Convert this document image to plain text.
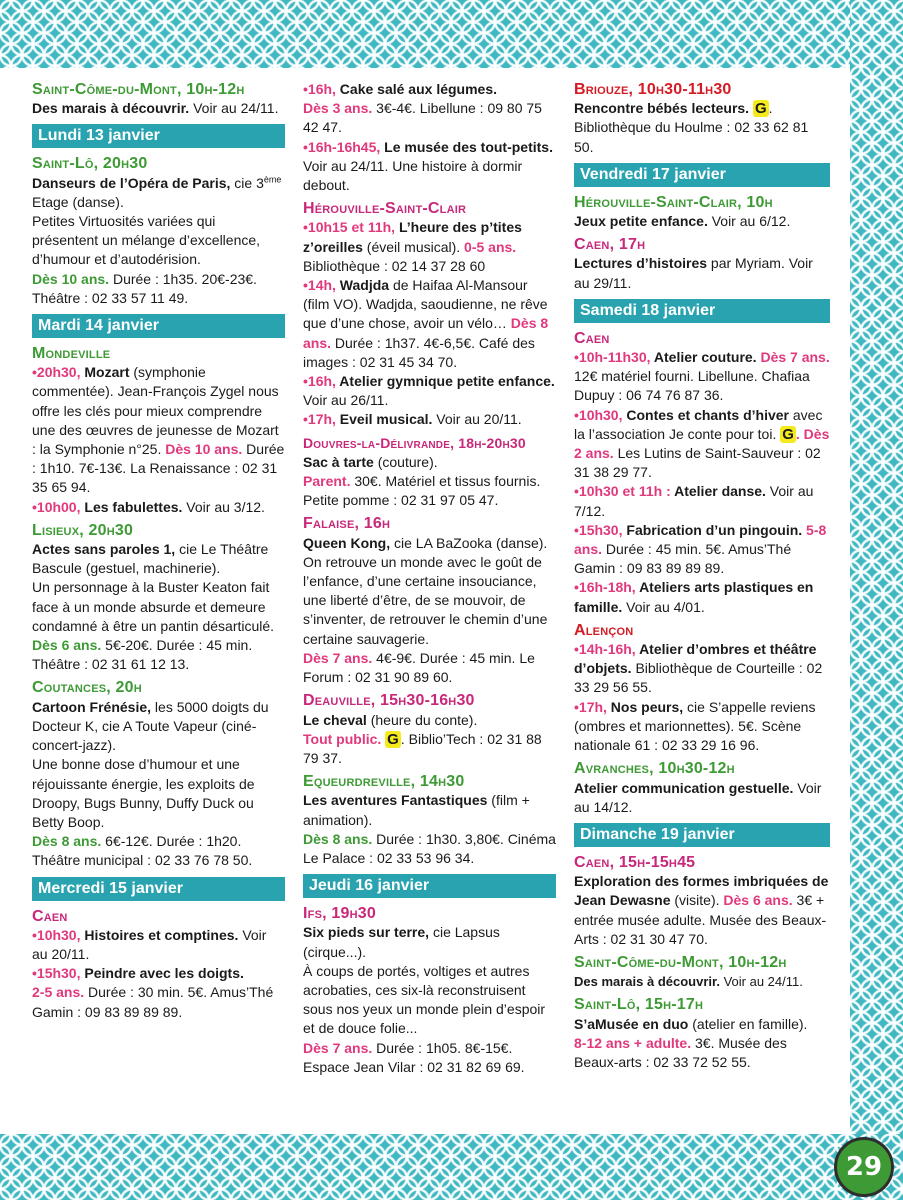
Saint-Côme-du-Mont, 10h-12h

Des marais à découvrir. Voir au 24/11.

Lundi 13 janvier

Saint-Lô, 20h30

Danseurs de l’Opéra de Paris, cie 3ème Etage (danse).

Petites Virtuosités variées qui présentent un mélange d’excellence, d’humour et d’autodérision.

Dès 10 ans. Durée : 1h35. 20€-23€. Théâtre : 02 33 57 11 49.

Mardi 14 janvier

Mondeville

•20h30, Mozart (symphonie commentée). Jean-François Zygel nous offre les clés pour mieux comprendre une des œuvres de jeunesse de Mozart : la Symphonie n°25. Dès 10 ans. Durée : 1h10. 7€-13€. La Renaissance : 02 31 35 65 94.

•10h00, Les fabulettes. Voir au 3/12.

Lisieux, 20h30

Actes sans paroles 1, cie Le Théâtre Bascule (gestuel, machinerie).

Un personnage à la Buster Keaton fait face à un monde absurde et demeure condamné à être un pantin désarticulé.

Dès 6 ans. 5€-20€. Durée : 45 min. Théâtre : 02 31 61 12 13.

Coutances, 20h

Cartoon Frénésie, les 5000 doigts du Docteur K, cie A Toute Vapeur (ciné-concert-jazz).

Une bonne dose d’humour et une réjouissante énergie, les exploits de Droopy, Bugs Bunny, Duffy Duck ou Betty Boop.

Dès 8 ans. 6€-12€. Durée : 1h20. Théâtre municipal : 02 33 76 78 50.

Mercredi 15 janvier

Caen

•10h30, Histoires et comptines. Voir au 20/11.

•15h30, Peindre avec les doigts.

2-5 ans. Durée : 30 min. 5€. Amus’Thé Gamin : 09 83 89 89 89.

•16h, Cake salé aux légumes.

Dès 3 ans. 3€-4€. Libellune : 09 80 75 42 47.

•16h-16h45, Le musée des tout-petits. Voir au 24/11. Une histoire à dormir debout.

Hérouville-Saint-Clair

•10h15 et 11h, L’heure des p’tites z’oreilles (éveil musical). 0-5 ans. Bibliothèque : 02 14 37 28 60

•14h, Wadjda de Haifaa Al-Mansour (film VO). Wadjda, saoudienne, ne rêve que d’une chose, avoir un vélo… Dès 8 ans. Durée : 1h37. 4€-6,5€. Café des images : 02 31 45 34 70.

•16h, Atelier gymnique petite enfance. Voir au 26/11.

•17h, Eveil musical. Voir au 20/11.

Douvres-la-Délivrande, 18h-20h30

Sac à tarte (couture).

Parent. 30€. Matériel et tissus fournis. Petite pomme : 02 31 97 05 47.

Falaise, 16h

Queen Kong, cie LA BaZooka (danse). On retrouve un monde avec le goût de l’enfance, d’une certaine insouciance, une liberté d’être, de se mouvoir, de s’inventer, de retrouver le chemin d’une certaine sauvagerie.

Dès 7 ans. 4€-9€. Durée : 45 min. Le Forum : 02 31 90 89 60.

Deauville, 15h30-16h30

Le cheval (heure du conte).

Tout public. G . Biblio’Tech : 02 31 88 79 37.

Equeurdreville, 14h30

Les aventures Fantastiques (film + animation).

Dès 8 ans. Durée : 1h30. 3,80€. Cinéma Le Palace : 02 33 53 96 34.

Jeudi 16 janvier

Ifs, 19h30

Six pieds sur terre, cie Lapsus (cirque...).

À coups de portés, voltiges et autres acrobaties, ces six-là reconstruisent sous nos yeux un monde plein d’espoir et de douce folie...

Dès 7 ans. Durée : 1h05. 8€-15€. Espace Jean Vilar : 02 31 82 69 69.

Briouze, 10h30-11h30

Rencontre bébés lecteurs. G . Bibliothèque du Houlme : 02 33 62 81 50.

Vendredi 17 janvier

Hérouville-Saint-Clair, 10h

Jeux petite enfance. Voir au 6/12.

Caen, 17h

Lectures d’histoires par Myriam. Voir au 29/11.

Samedi 18 janvier

Caen

•10h-11h30, Atelier couture. Dès 7 ans. 12€ matériel fourni. Libellune. Chafiaa Dupuy : 06 74 76 87 36.

•10h30, Contes et chants d’hiver avec la l’association Je conte pour toi. G . Dès 2 ans. Les Lutins de Saint-Sauveur : 02 31 38 29 77.

•10h30 et 11h : Atelier danse. Voir au 7/12.

•15h30, Fabrication d’un pingouin. 5-8 ans. Durée : 45 min. 5€. Amus’Thé Gamin : 09 83 89 89 89.

•16h-18h, Ateliers arts plastiques en famille. Voir au 4/01.

Alençon

•14h-16h, Atelier d’ombres et théâtre d’objets. Bibliothèque de Courteille : 02 33 29 56 55.

•17h, Nos peurs, cie S’appelle reviens (ombres et marionnettes). 5€. Scène nationale 61 : 02 33 29 16 96.

Avranches, 10h30-12h

Atelier communication gestuelle. Voir au 14/12.

Dimanche 19 janvier

Caen, 15h-15h45

Exploration des formes imbriquées de Jean Dewasne (visite). Dès 6 ans. 3€ + entrée musée adulte. Musée des Beaux-Arts : 02 31 30 47 70.

Saint-Côme-du-Mont, 10h-12h

Des marais à découvrir. Voir au 24/11.

Saint-Lô, 15h-17h

S’aMusée en duo (atelier en famille).

8-12 ans + adulte. 3€. Musée des Beaux-arts : 02 33 72 52 55.

29
